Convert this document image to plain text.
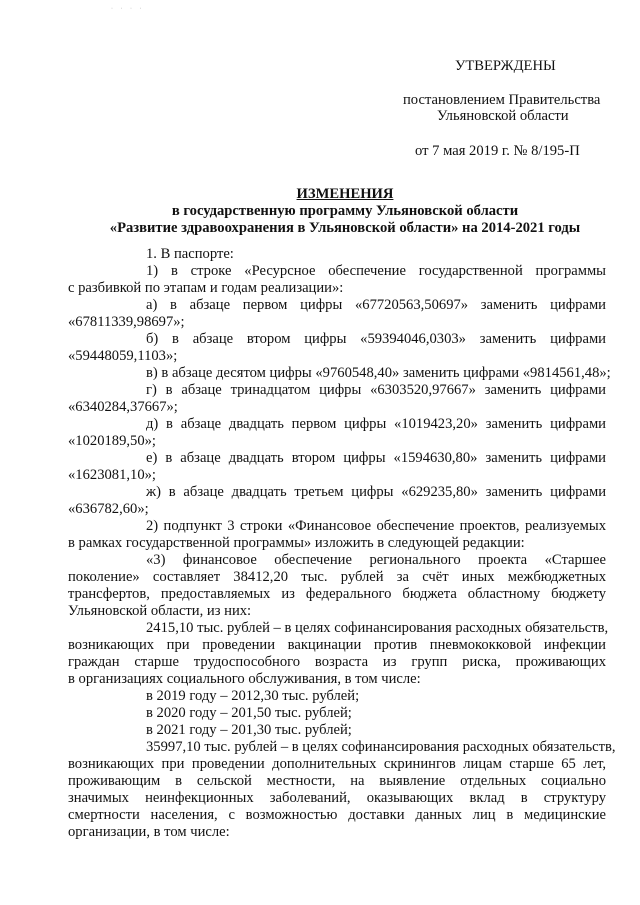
· · · ·
УТВЕРЖДЕНЫ
постановлением Правительства
Ульяновской области
от 7 мая 2019 г. № 8/195-П
ИЗМЕНЕНИЯ
в государственную программу Ульяновской области
«Развитие здравоохранения в Ульяновской области» на 2014-2021 годы
1. В паспорте:
1) в строке «Ресурсное обеспечение государственной программы
с разбивкой по этапам и годам реализации»:
а) в абзаце первом цифры «67720563,50697» заменить цифрами
«67811339,98697»;
б) в абзаце втором цифры «59394046,0303» заменить цифрами
«59448059,1103»;
в) в абзаце десятом цифры «9760548,40» заменить цифрами «9814561,48»;
г) в абзаце тринадцатом цифры «6303520,97667» заменить цифрами
«6340284,37667»;
д) в абзаце двадцать первом цифры «1019423,20» заменить цифрами
«1020189,50»;
е) в абзаце двадцать втором цифры «1594630,80» заменить цифрами
«1623081,10»;
ж) в абзаце двадцать третьем цифры «629235,80» заменить цифрами
«636782,60»;
2) подпункт 3 строки «Финансовое обеспечение проектов, реализуемых
в рамках государственной программы» изложить в следующей редакции:
«3) финансовое обеспечение регионального проекта «Старшее
поколение» составляет 38412,20 тыс. рублей за счёт иных межбюджетных
трансфертов, предоставляемых из федерального бюджета областному бюджету
Ульяновской области, из них:
2415,10 тыс. рублей – в целях софинансирования расходных обязательств,
возникающих при проведении вакцинации против пневмококковой инфекции
граждан старше трудоспособного возраста из групп риска, проживающих
в организациях социального обслуживания, в том числе:
в 2019 году – 2012,30 тыс. рублей;
в 2020 году – 201,50 тыс. рублей;
в 2021 году – 201,30 тыс. рублей;
35997,10 тыс. рублей – в целях софинансирования расходных обязательств,
возникающих при проведении дополнительных скринингов лицам старше 65 лет,
проживающим в сельской местности, на выявление отдельных социально
значимых неинфекционных заболеваний, оказывающих вклад в структуру
смертности населения, с возможностью доставки данных лиц в медицинские
организации, в том числе:
